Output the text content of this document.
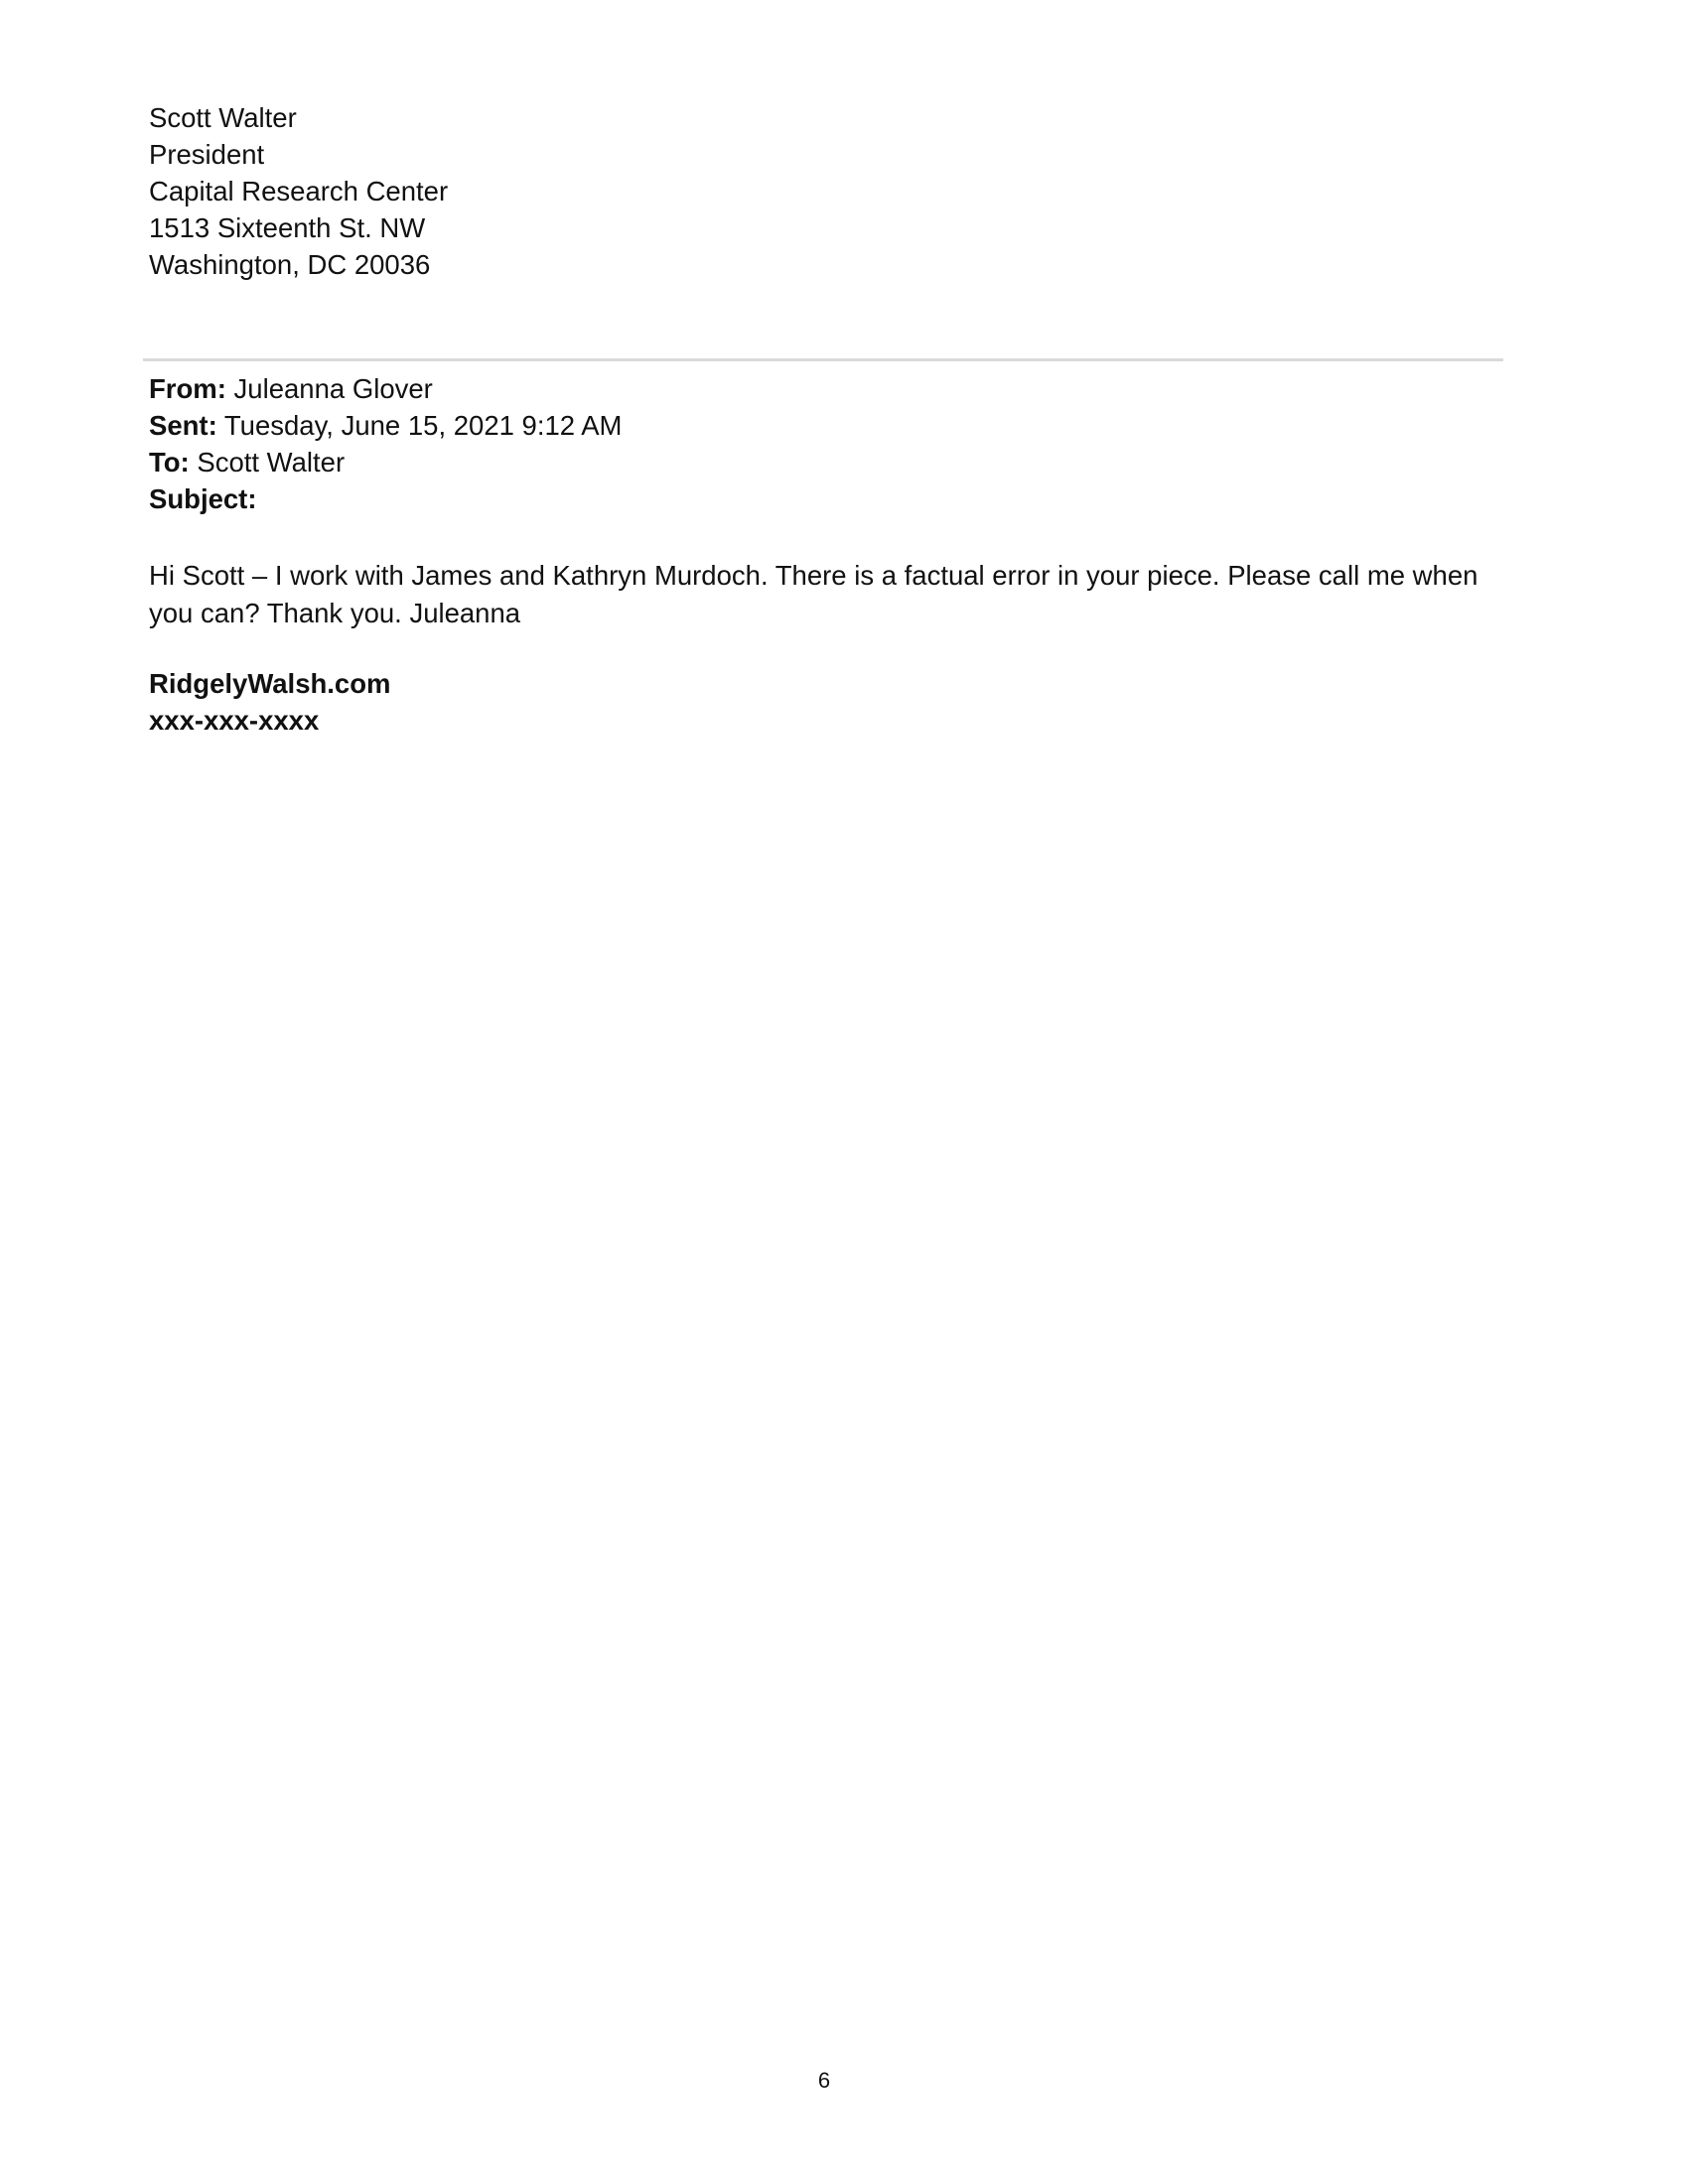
Scott Walter
President
Capital Research Center
1513 Sixteenth St. NW
Washington, DC 20036
From: Juleanna Glover
Sent: Tuesday, June 15, 2021 9:12 AM
To: Scott Walter
Subject:
Hi Scott – I work with James and Kathryn Murdoch. There is a factual error in your piece. Please call me when you can? Thank you. Juleanna
RidgelyWalsh.com
xxx-xxx-xxxx
6
